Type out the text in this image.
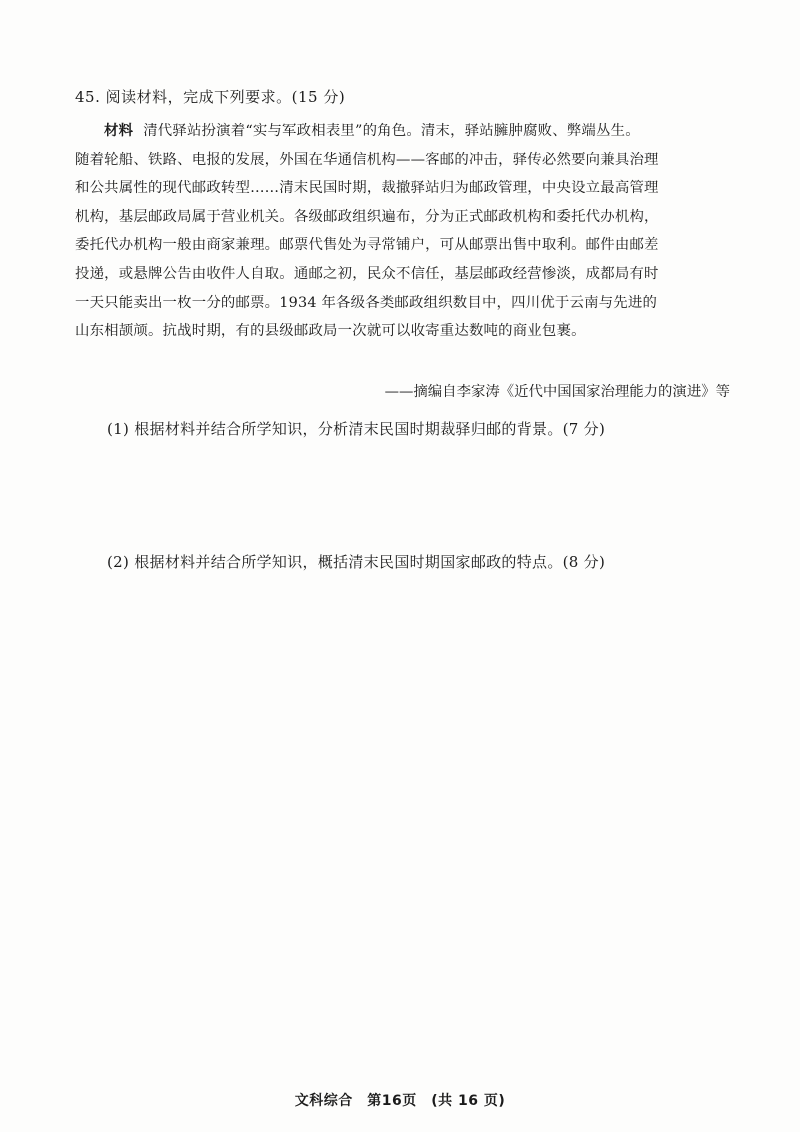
45. 阅读材料，完成下列要求。(15 分)
材料 清代驿站扮演着“实与军政相表里”的角色。清末，驿站臃肿腐败、弊端丛生。
随着轮船、铁路、电报的发展，外国在华通信机构——客邮的冲击，驿传必然要向兼具治理
和公共属性的现代邮政转型……清末民国时期，裁撤驿站归为邮政管理，中央设立最高管理
机构，基层邮政局属于营业机关。各级邮政组织遍布，分为正式邮政机构和委托代办机构，
委托代办机构一般由商家兼理。邮票代售处为寻常铺户，可从邮票出售中取利。邮件由邮差
投递，或悬牌公告由收件人自取。通邮之初，民众不信任，基层邮政经营惨淡，成都局有时
一天只能卖出一枚一分的邮票。1934 年各级各类邮政组织数目中，四川优于云南与先进的
山东相颉颃。抗战时期，有的县级邮政局一次就可以收寄重达数吨的商业包裹。
——摘编自李家涛《近代中国国家治理能力的演进》等
(1) 根据材料并结合所学知识，分析清末民国时期裁驿归邮的背景。(7 分)
(2) 根据材料并结合所学知识，概括清末民国时期国家邮政的特点。(8 分)
文科综合　第16页　(共 16 页)
